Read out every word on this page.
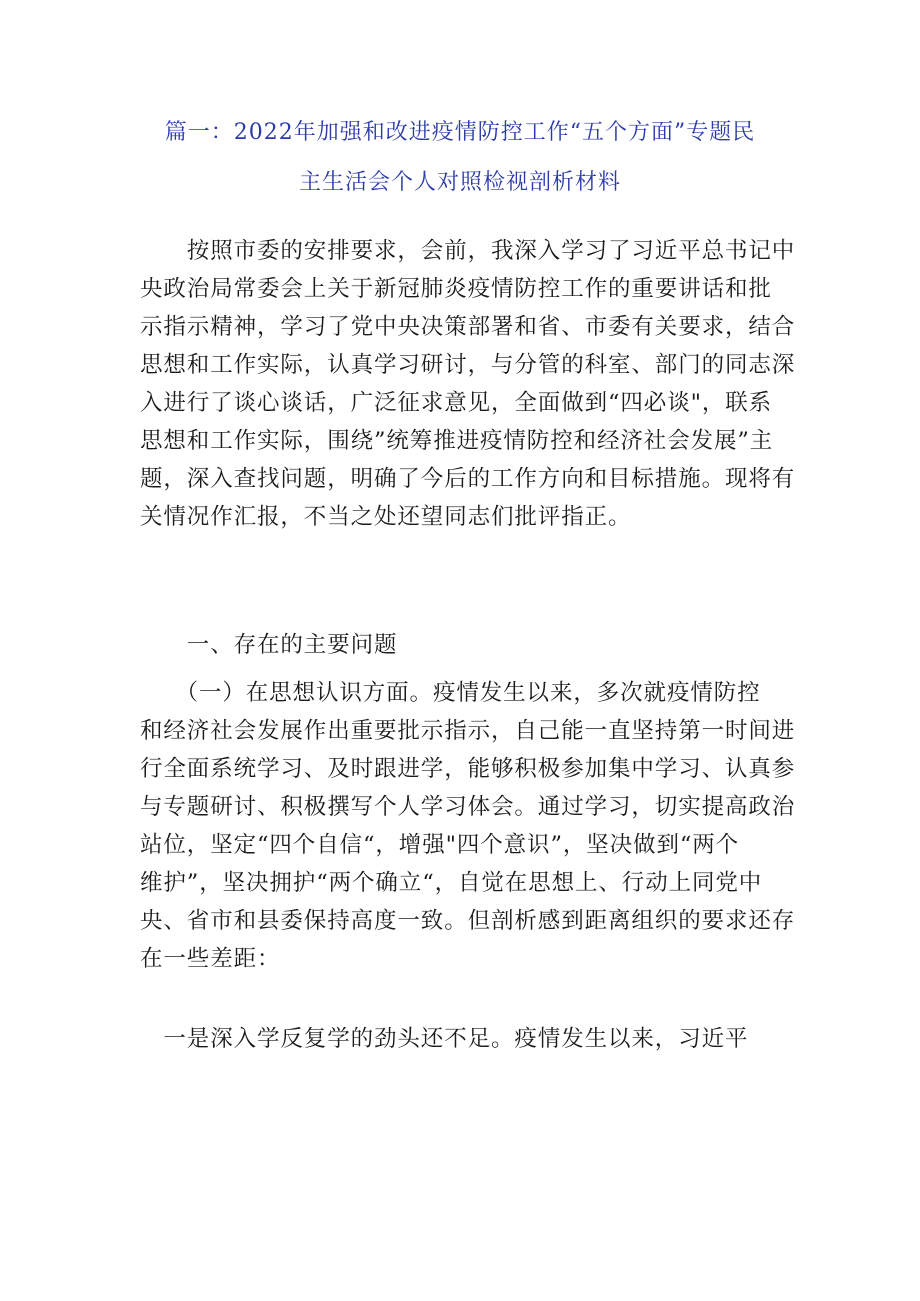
篇一：2022年加强和改进疫情防控工作“五个方面”专题民
主生活会个人对照检视剖析材料

　　按照市委的安排要求，会前，我深入学习了习近平总书记中
央政治局常委会上关于新冠肺炎疫情防控工作的重要讲话和批
示指示精神，学习了党中央决策部署和省、市委有关要求，结合
思想和工作实际，认真学习研讨，与分管的科室、部门的同志深
入进行了谈心谈话，广泛征求意见，全面做到“四必谈"，联系
思想和工作实际，围绕”统筹推进疫情防控和经济社会发展”主
题，深入查找问题，明确了今后的工作方向和目标措施。现将有
关情况作汇报，不当之处还望同志们批评指正。

　　一、存在的主要问题

　　（一）在思想认识方面。疫情发生以来，多次就疫情防控
和经济社会发展作出重要批示指示，自己能一直坚持第一时间进
行全面系统学习、及时跟进学，能够积极参加集中学习、认真参
与专题研讨、积极撰写个人学习体会。通过学习，切实提高政治
站位，坚定“四个自信“，增强"四个意识”，坚决做到“两个
维护”，坚决拥护“两个确立“，自觉在思想上、行动上同党中
央、省市和县委保持高度一致。但剖析感到距离组织的要求还存
在一些差距：

　一是深入学反复学的劲头还不足。疫情发生以来，习近平
